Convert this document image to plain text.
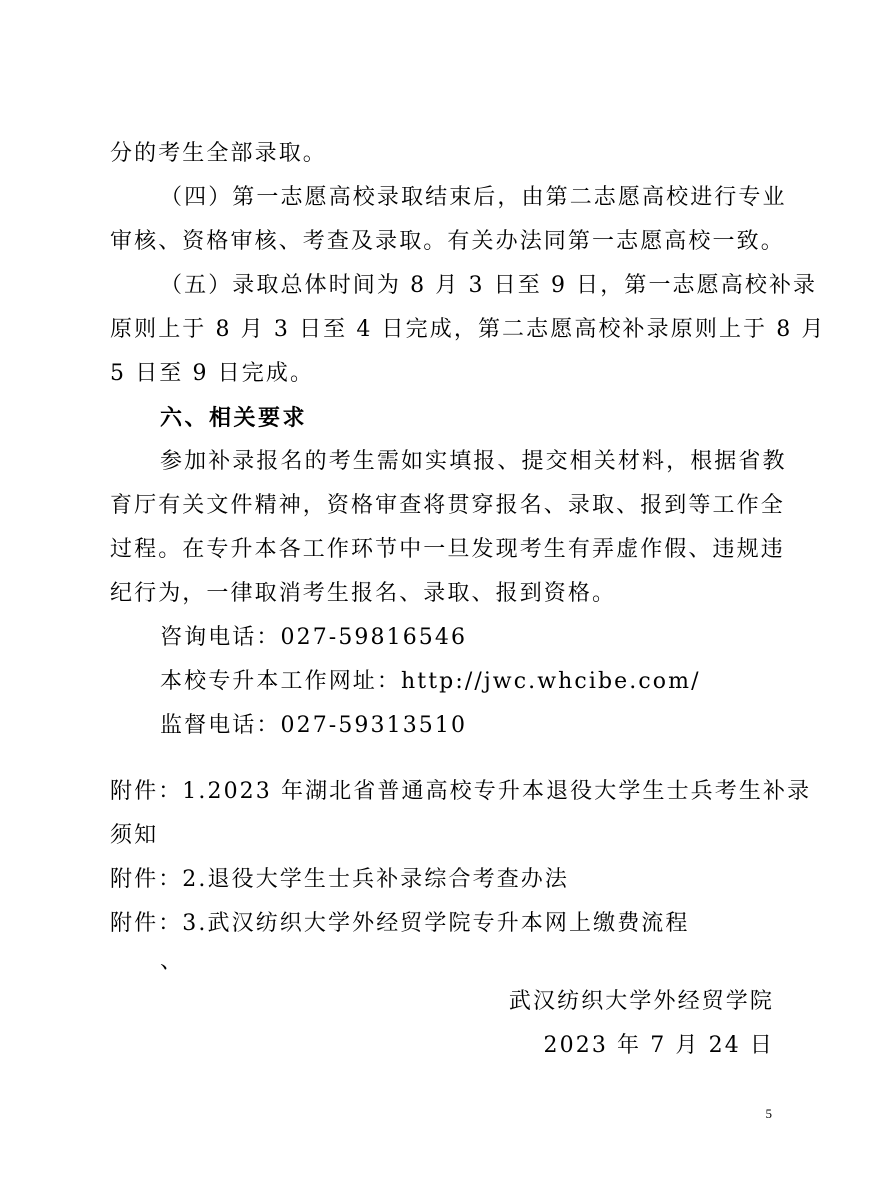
分的考生全部录取。
（四）第一志愿高校录取结束后，由第二志愿高校进行专业
审核、资格审核、考查及录取。有关办法同第一志愿高校一致。
（五）录取总体时间为 8 月 3 日至 9 日，第一志愿高校补录
原则上于 8 月 3 日至 4 日完成，第二志愿高校补录原则上于 8 月
5 日至 9 日完成。
六、相关要求
参加补录报名的考生需如实填报、提交相关材料，根据省教
育厅有关文件精神，资格审查将贯穿报名、录取、报到等工作全
过程。在专升本各工作环节中一旦发现考生有弄虚作假、违规违
纪行为，一律取消考生报名、录取、报到资格。
咨询电话：027-59816546
本校专升本工作网址：http://jwc.whcibe.com/
监督电话：027-59313510
附件：1.2023 年湖北省普通高校专升本退役大学生士兵考生补录
须知
附件：2.退役大学生士兵补录综合考查办法
附件：3.武汉纺织大学外经贸学院专升本网上缴费流程
、
武汉纺织大学外经贸学院
2023 年 7 月 24 日
5
